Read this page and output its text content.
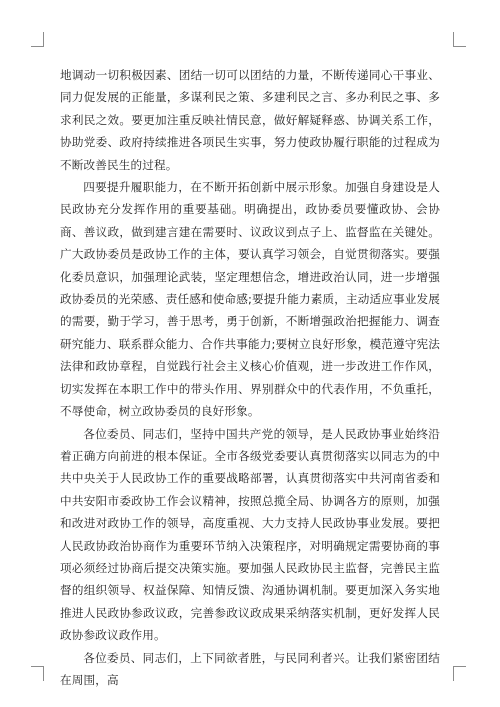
地调动一切积极因素、团结一切可以团结的力量，不断传递同心干事业、同力促发展的正能量，多谋利民之策、多建利民之言、多办利民之事、多求利民之效。要更加注重反映社情民意，做好解疑释惑、协调关系工作，协助党委、政府持续推进各项民生实事，努力使政协履行职能的过程成为不断改善民生的过程。

四要提升履职能力，在不断开拓创新中展示形象。加强自身建设是人民政协充分发挥作用的重要基础。明确提出，政协委员要懂政协、会协商、善议政，做到建言建在需要时、议政议到点子上、监督监在关键处。广大政协委员是政协工作的主体，要认真学习领会，自觉贯彻落实。要强化委员意识，加强理论武装，坚定理想信念，增进政治认同，进一步增强政协委员的光荣感、责任感和使命感;要提升能力素质，主动适应事业发展的需要，勤于学习，善于思考，勇于创新，不断增强政治把握能力、调查研究能力、联系群众能力、合作共事能力;要树立良好形象，模范遵守宪法法律和政协章程，自觉践行社会主义核心价值观，进一步改进工作作风，切实发挥在本职工作中的带头作用、界别群众中的代表作用，不负重托，不辱使命，树立政协委员的良好形象。

各位委员、同志们，坚持中国共产党的领导，是人民政协事业始终沿着正确方向前进的根本保证。全市各级党委要认真贯彻落实以同志为的中共中央关于人民政协工作的重要战略部署，认真贯彻落实中共河南省委和中共安阳市委政协工作会议精神，按照总揽全局、协调各方的原则，加强和改进对政协工作的领导，高度重视、大力支持人民政协事业发展。要把人民政协政治协商作为重要环节纳入决策程序，对明确规定需要协商的事项必须经过协商后提交决策实施。要加强人民政协民主监督，完善民主监督的组织领导、权益保障、知情反馈、沟通协调机制。要更加深入务实地推进人民政协参政议政，完善参政议政成果采纳落实机制，更好发挥人民政协参政议政作用。

各位委员、同志们，上下同欲者胜，与民同利者兴。让我们紧密团结在周围，高
